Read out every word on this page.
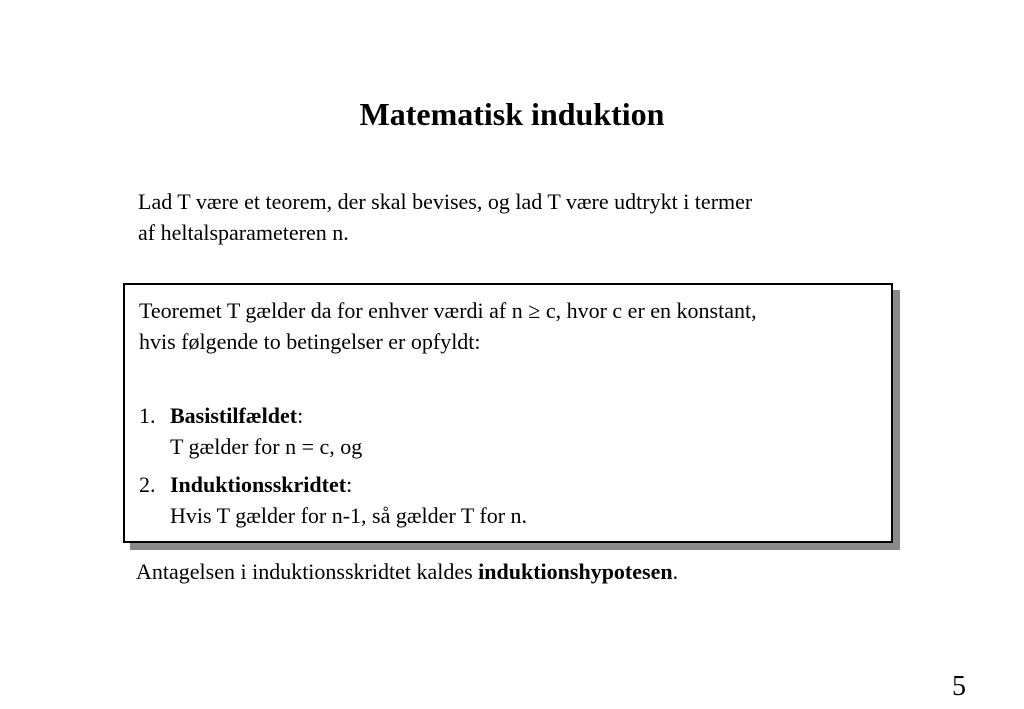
Matematisk induktion
Lad T være et teorem, der skal bevises, og lad T være udtrykt i termer
af heltalsparameteren n.
Teoremet T gælder da for enhver værdi af n ≥ c, hvor c er en konstant,
hvis følgende to betingelser er opfyldt:
1. Basistilfældet:
T gælder for n = c, og
2. Induktionsskridtet:
Hvis T gælder for n-1, så gælder T for n.
Antagelsen i induktionsskridtet kaldes induktionshypotesen.
5
